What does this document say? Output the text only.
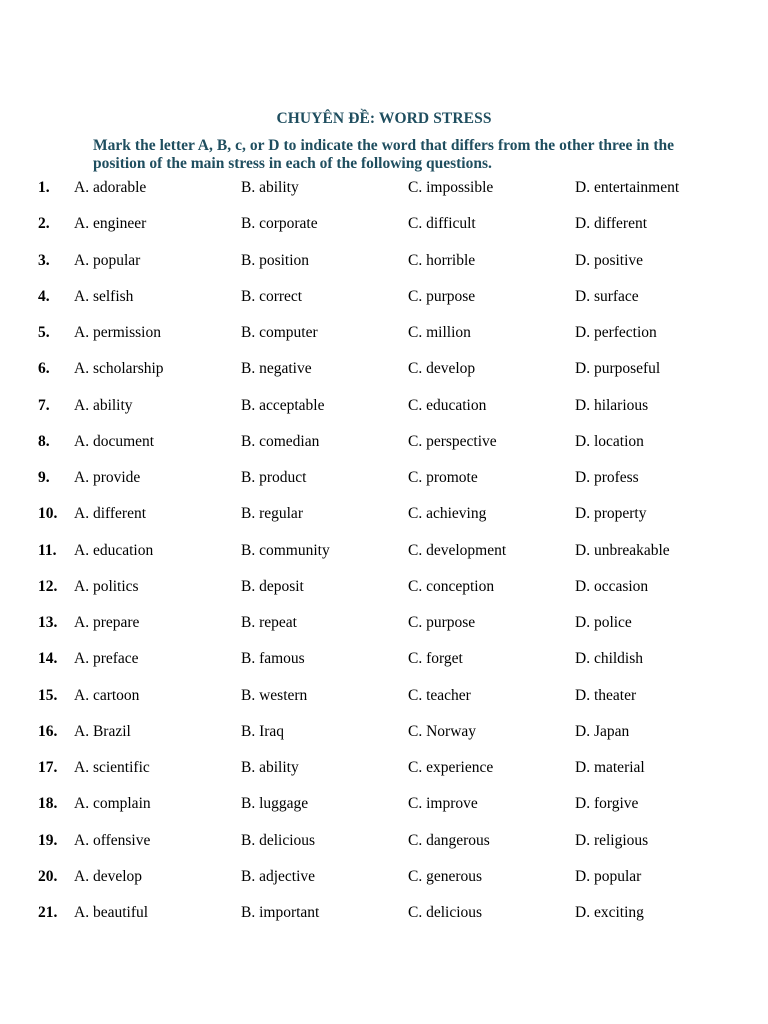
CHUYÊN ĐỀ: WORD STRESS
Mark the letter A, B, c, or D to indicate the word that differs from the other three in the position of the main stress in each of the following questions.
1. A. adorable	B. ability	C. impossible	D. entertainment
2. A. engineer	B. corporate	C. difficult	D. different
3. A. popular	B. position	C. horrible	D. positive
4. A. selfish	B. correct	C. purpose	D. surface
5. A. permission	B. computer	C. million	D. perfection
6. A. scholarship	B. negative	C. develop	D. purposeful
7. A. ability	B. acceptable	C. education	D. hilarious
8. A. document	B. comedian	C. perspective	D. location
9. A. provide	B. product	C. promote	D. profess
10. A. different	B. regular	C. achieving	D. property
11. A. education	B. community	C. development	D. unbreakable
12. A. politics	B. deposit	C. conception	D. occasion
13. A. prepare	B. repeat	C. purpose	D. police
14. A. preface	B. famous	C. forget	D. childish
15. A. cartoon	B. western	C. teacher	D. theater
16. A. Brazil	B. Iraq	C. Norway	D. Japan
17. A. scientific	B. ability	C. experience	D. material
18. A. complain	B. luggage	C. improve	D. forgive
19. A. offensive	B. delicious	C. dangerous	D. religious
20. A. develop	B. adjective	C. generous	D. popular
21. A. beautiful	B. important	C. delicious	D. exciting
